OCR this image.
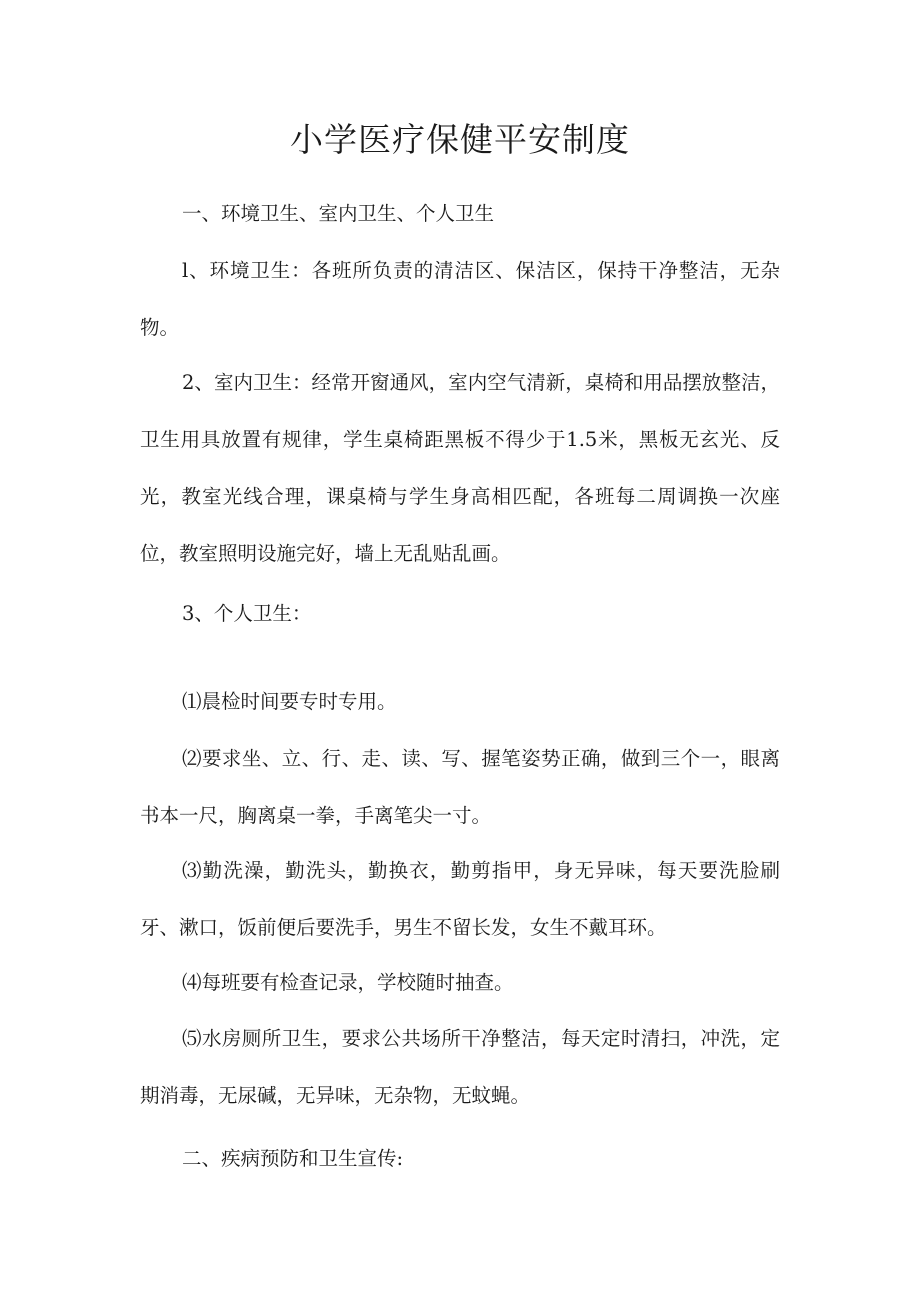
小学医疗保健平安制度

一、环境卫生、室内卫生、个人卫生

l、环境卫生：各班所负责的清洁区、保洁区，保持干净整洁，无杂物。

2、室内卫生：经常开窗通风，室内空气清新，桌椅和用品摆放整洁，卫生用具放置有规律，学生桌椅距黑板不得少于1.5米，黑板无玄光、反光，教室光线合理，课桌椅与学生身高相匹配，各班每二周调换一次座位，教室照明设施完好，墙上无乱贴乱画。

3、个人卫生：

⑴晨检时间要专时专用。

⑵要求坐、立、行、走、读、写、握笔姿势正确，做到三个一，眼离书本一尺，胸离桌一拳，手离笔尖一寸。

⑶勤洗澡，勤洗头，勤换衣，勤剪指甲，身无异味，每天要洗脸刷牙、漱口，饭前便后要洗手，男生不留长发，女生不戴耳环。

⑷每班要有检查记录，学校随时抽查。

⑸水房厕所卫生，要求公共场所干净整洁，每天定时清扫，冲洗，定期消毒，无尿碱，无异味，无杂物，无蚊蝇。

二、疾病预防和卫生宣传:
